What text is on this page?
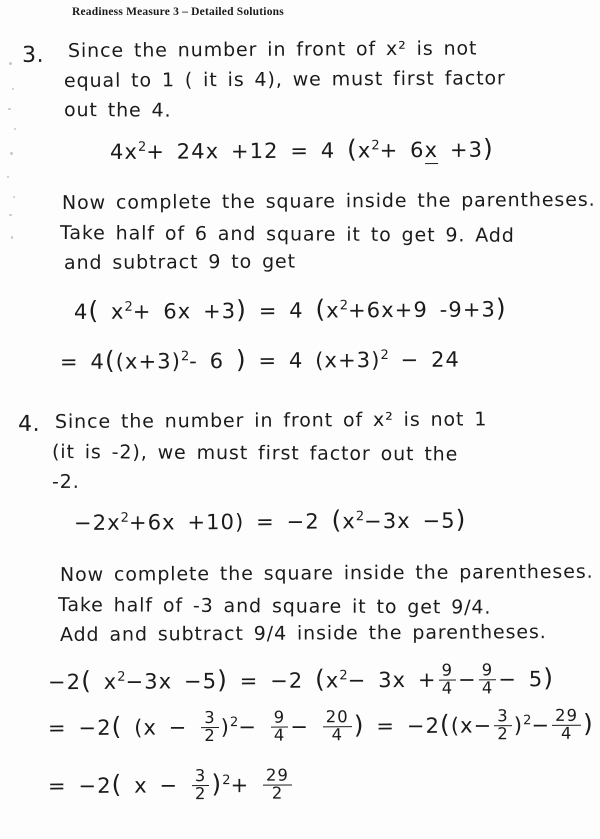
Readiness Measure 3 – Detailed Solutions
3. Since the number in front of x² is not
equal to 1 ( it is 4), we must first factor
out the 4.
$4x^2+ 24x +12 = 4$ $(x^2+ 6x +3)$
Now complete the square inside the parentheses.
Take half of 6 and square it to get 9. Add
and subtract 9 to get
4( $x^2+ 6x +3) = 4$ ($x^2+6x+9$ -9+3)
= $4((x+3)^2-$ 6 ) = 4 $(x+3)^2 - 24$
4. Since the number in front of x² is not 1
(it is -2), we must first factor out the
-2.
$-2x^2+6x +10) = -2$ $(x^2-3x -5)$
Now complete the square inside the parentheses.
Take half of -3 and square it to get 9/4.
Add and subtract 9/4 inside the parentheses.
−2( $x^2-3x -5) = -2$ $(x^2- 3x + \frac{9}{4} - \frac{9}{4} - 5)$
= −2( $(x - \frac{3}{2} )^2- \frac{9}{4} - \frac{20}{4}$ ) = $-2((x- \frac{3}{2} )^2- \frac{29}{4}$ )
= −2( $x - \frac{3}{2} )^2+ \frac{29}{2}$
